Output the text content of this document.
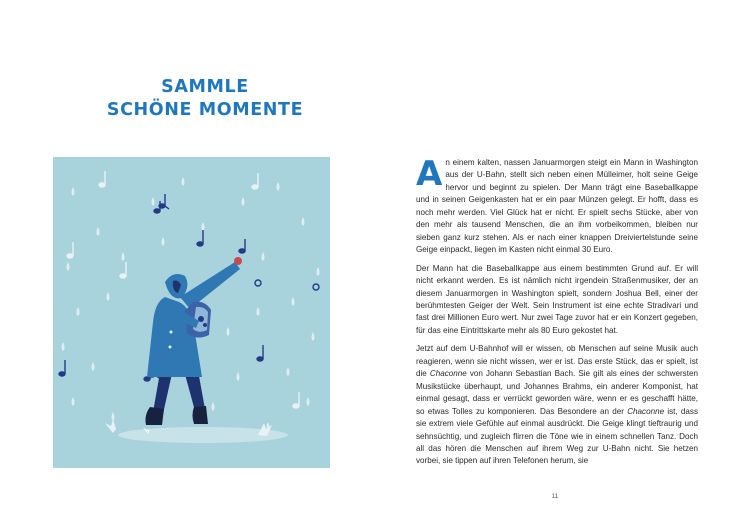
SAMMLE
SCHÖNE MOMENTE

An einem kalten, nassen Januarmorgen steigt ein Mann in Washington aus der U-Bahn, stellt sich neben einen Mülleimer, holt seine Geige hervor und beginnt zu spielen. Der Mann trägt eine Baseballkappe und in seinen Geigenkasten hat er ein paar Münzen gelegt. Er hofft, dass es noch mehr werden. Viel Glück hat er nicht. Er spielt sechs Stücke, aber von den mehr als tausend Menschen, die an ihm vorbeikommen, bleiben nur sieben ganz kurz stehen. Als er nach einer knappen Dreiviertelstunde seine Geige einpackt, liegen im Kasten nicht einmal 30 Euro.

Der Mann hat die Baseballkappe aus einem bestimmten Grund auf. Er will nicht erkannt werden. Es ist nämlich nicht irgendein Straßenmusiker, der an diesem Januarmorgen in Washington spielt, sondern Joshua Bell, einer der berühmtesten Geiger der Welt. Sein Instrument ist eine echte Stradivari und fast drei Millionen Euro wert. Nur zwei Tage zuvor hat er ein Konzert gegeben, für das eine Eintrittskarte mehr als 80 Euro gekostet hat.

Jetzt auf dem U-Bahnhof will er wissen, ob Menschen auf seine Musik auch reagieren, wenn sie nicht wissen, wer er ist. Das erste Stück, das er spielt, ist die Chaconne von Johann Sebastian Bach. Sie gilt als eines der schwersten Musikstücke überhaupt, und Johannes Brahms, ein anderer Komponist, hat einmal gesagt, dass er verrückt geworden wäre, wenn er es geschafft hätte, so etwas Tolles zu komponieren. Das Besondere an der Chaconne ist, dass sie extrem viele Gefühle auf einmal ausdrückt. Die Geige klingt tieftraurig und sehnsüchtig, und zugleich flirren die Töne wie in einem schnellen Tanz. Doch all das hören die Menschen auf ihrem Weg zur U-Bahn nicht. Sie hetzen vorbei, sie tippen auf ihren Telefonen herum, sie

11
